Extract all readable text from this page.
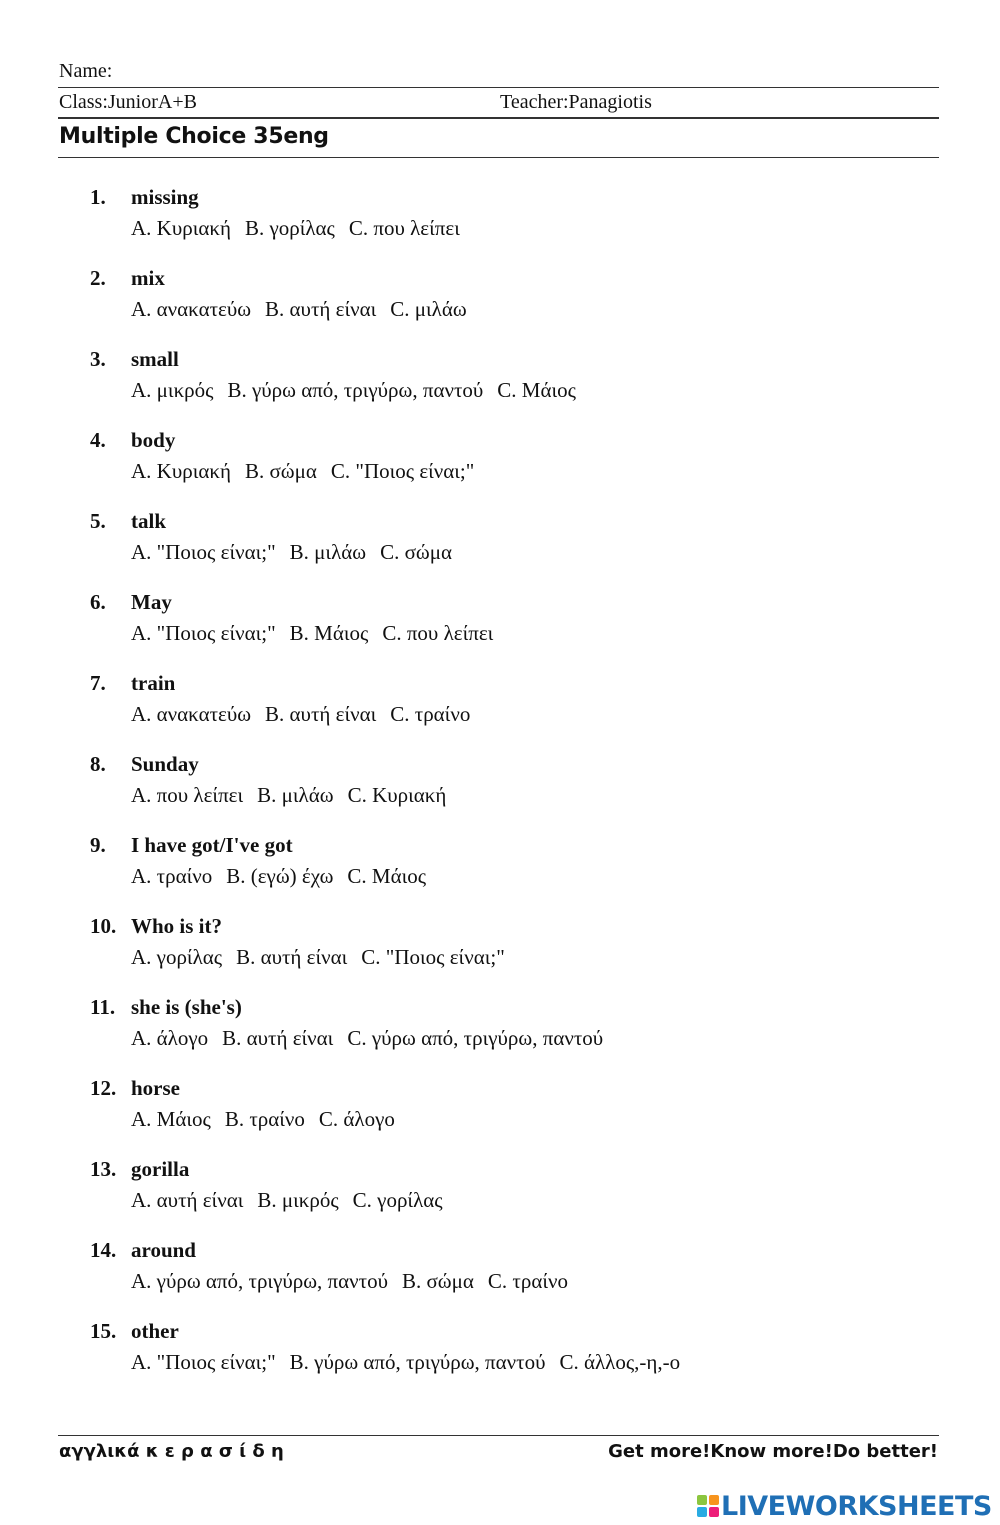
Name:
Class:JuniorA+B	Teacher:Panagiotis
Multiple Choice 35eng
1. missing
A. Κυριακή B. γορίλας C. που λείπει
2. mix
A. ανακατεύω B. αυτή είναι C. μιλάω
3. small
A. μικρός B. γύρω από, τριγύρω, παντού C. Μάιος
4. body
A. Κυριακή B. σώμα C. "Ποιος είναι;"
5. talk
A. "Ποιος είναι;" B. μιλάω C. σώμα
6. May
A. "Ποιος είναι;" B. Μάιος C. που λείπει
7. train
A. ανακατεύω B. αυτή είναι C. τραίνο
8. Sunday
A. που λείπει B. μιλάω C. Κυριακή
9. I have got/I've got
A. τραίνο B. (εγώ) έχω C. Μάιος
10. Who is it?
A. γορίλας B. αυτή είναι C. "Ποιος είναι;"
11. she is (she's)
A. άλογο B. αυτή είναι C. γύρω από, τριγύρω, παντού
12. horse
A. Μάιος B. τραίνο C. άλογο
13. gorilla
A. αυτή είναι B. μικρός C. γορίλας
14. around
A. γύρω από, τριγύρω, παντού B. σώμα C. τραίνο
15. other
A. "Ποιος είναι;" B. γύρω από, τριγύρω, παντού C. άλλος,-η,-ο
αγγλικά κ ε ρ α σ ί δ η	Get more!Know more!Do better!
LIVEWORKSHEETS
